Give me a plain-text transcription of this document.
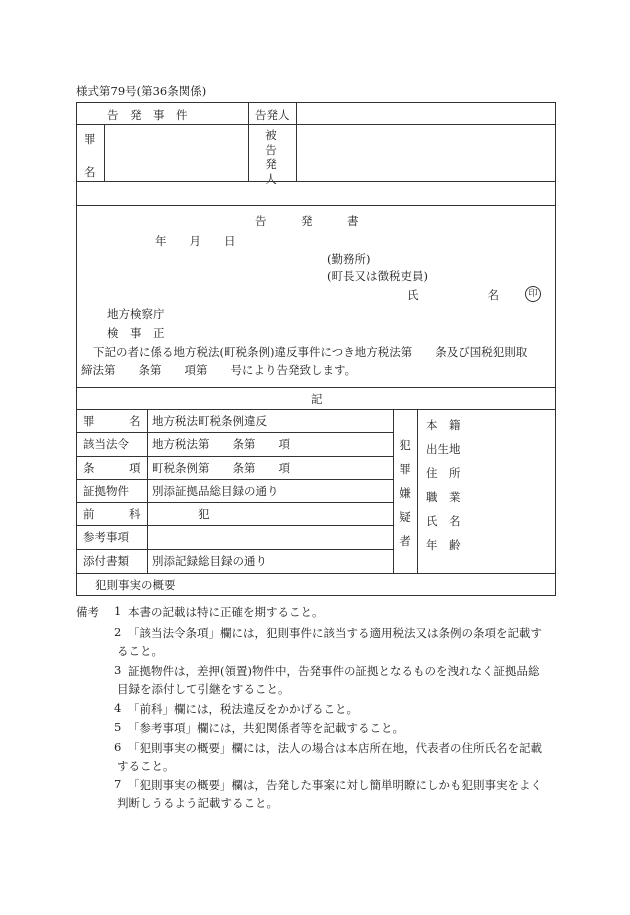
様式第79号(第36条関係)
告　発　事　件	告発人
罪
名
被告発人
告　　　発　　　書
年　　月　　日
(勤務所)
(町長又は徴税吏員)
氏　　　　　　名	印
地方検察庁
検　事　正
下記の者に係る地方税法(町税条例)違反事件につき地方税法第　　条及び国税犯則取
締法第　　条第　　項第　　号により告発致します。
記
罪　　　名 地方税法町税条例違反
該当法令 地方税法第　　条第　　項
条　　　項 町税条例第　　条第　　項
証拠物件 別添証拠品総目録の通り
前　　　科 　　　　犯
参考事項
添付書類 別添記録総目録の通り
犯罪嫌疑者
本　籍
出生地
住　所
職　業
氏　名
年　齢
犯則事実の概要
備考 1 本書の記載は特に正確を期すること。
2 「該当法令条項」欄には，犯則事件に該当する適用税法又は条例の条項を記載す
ること。
3 証拠物件は，差押(領置)物件中，告発事件の証拠となるものを洩れなく証拠品総
目録を添付して引継をすること。
4 「前科」欄には，税法違反をかかげること。
5 「参考事項」欄には，共犯関係者等を記載すること。
6 「犯則事実の概要」欄には，法人の場合は本店所在地，代表者の住所氏名を記載
すること。
7 「犯則事実の概要」欄は，告発した事案に対し簡単明瞭にしかも犯則事実をよく
判断しうるよう記載すること。
